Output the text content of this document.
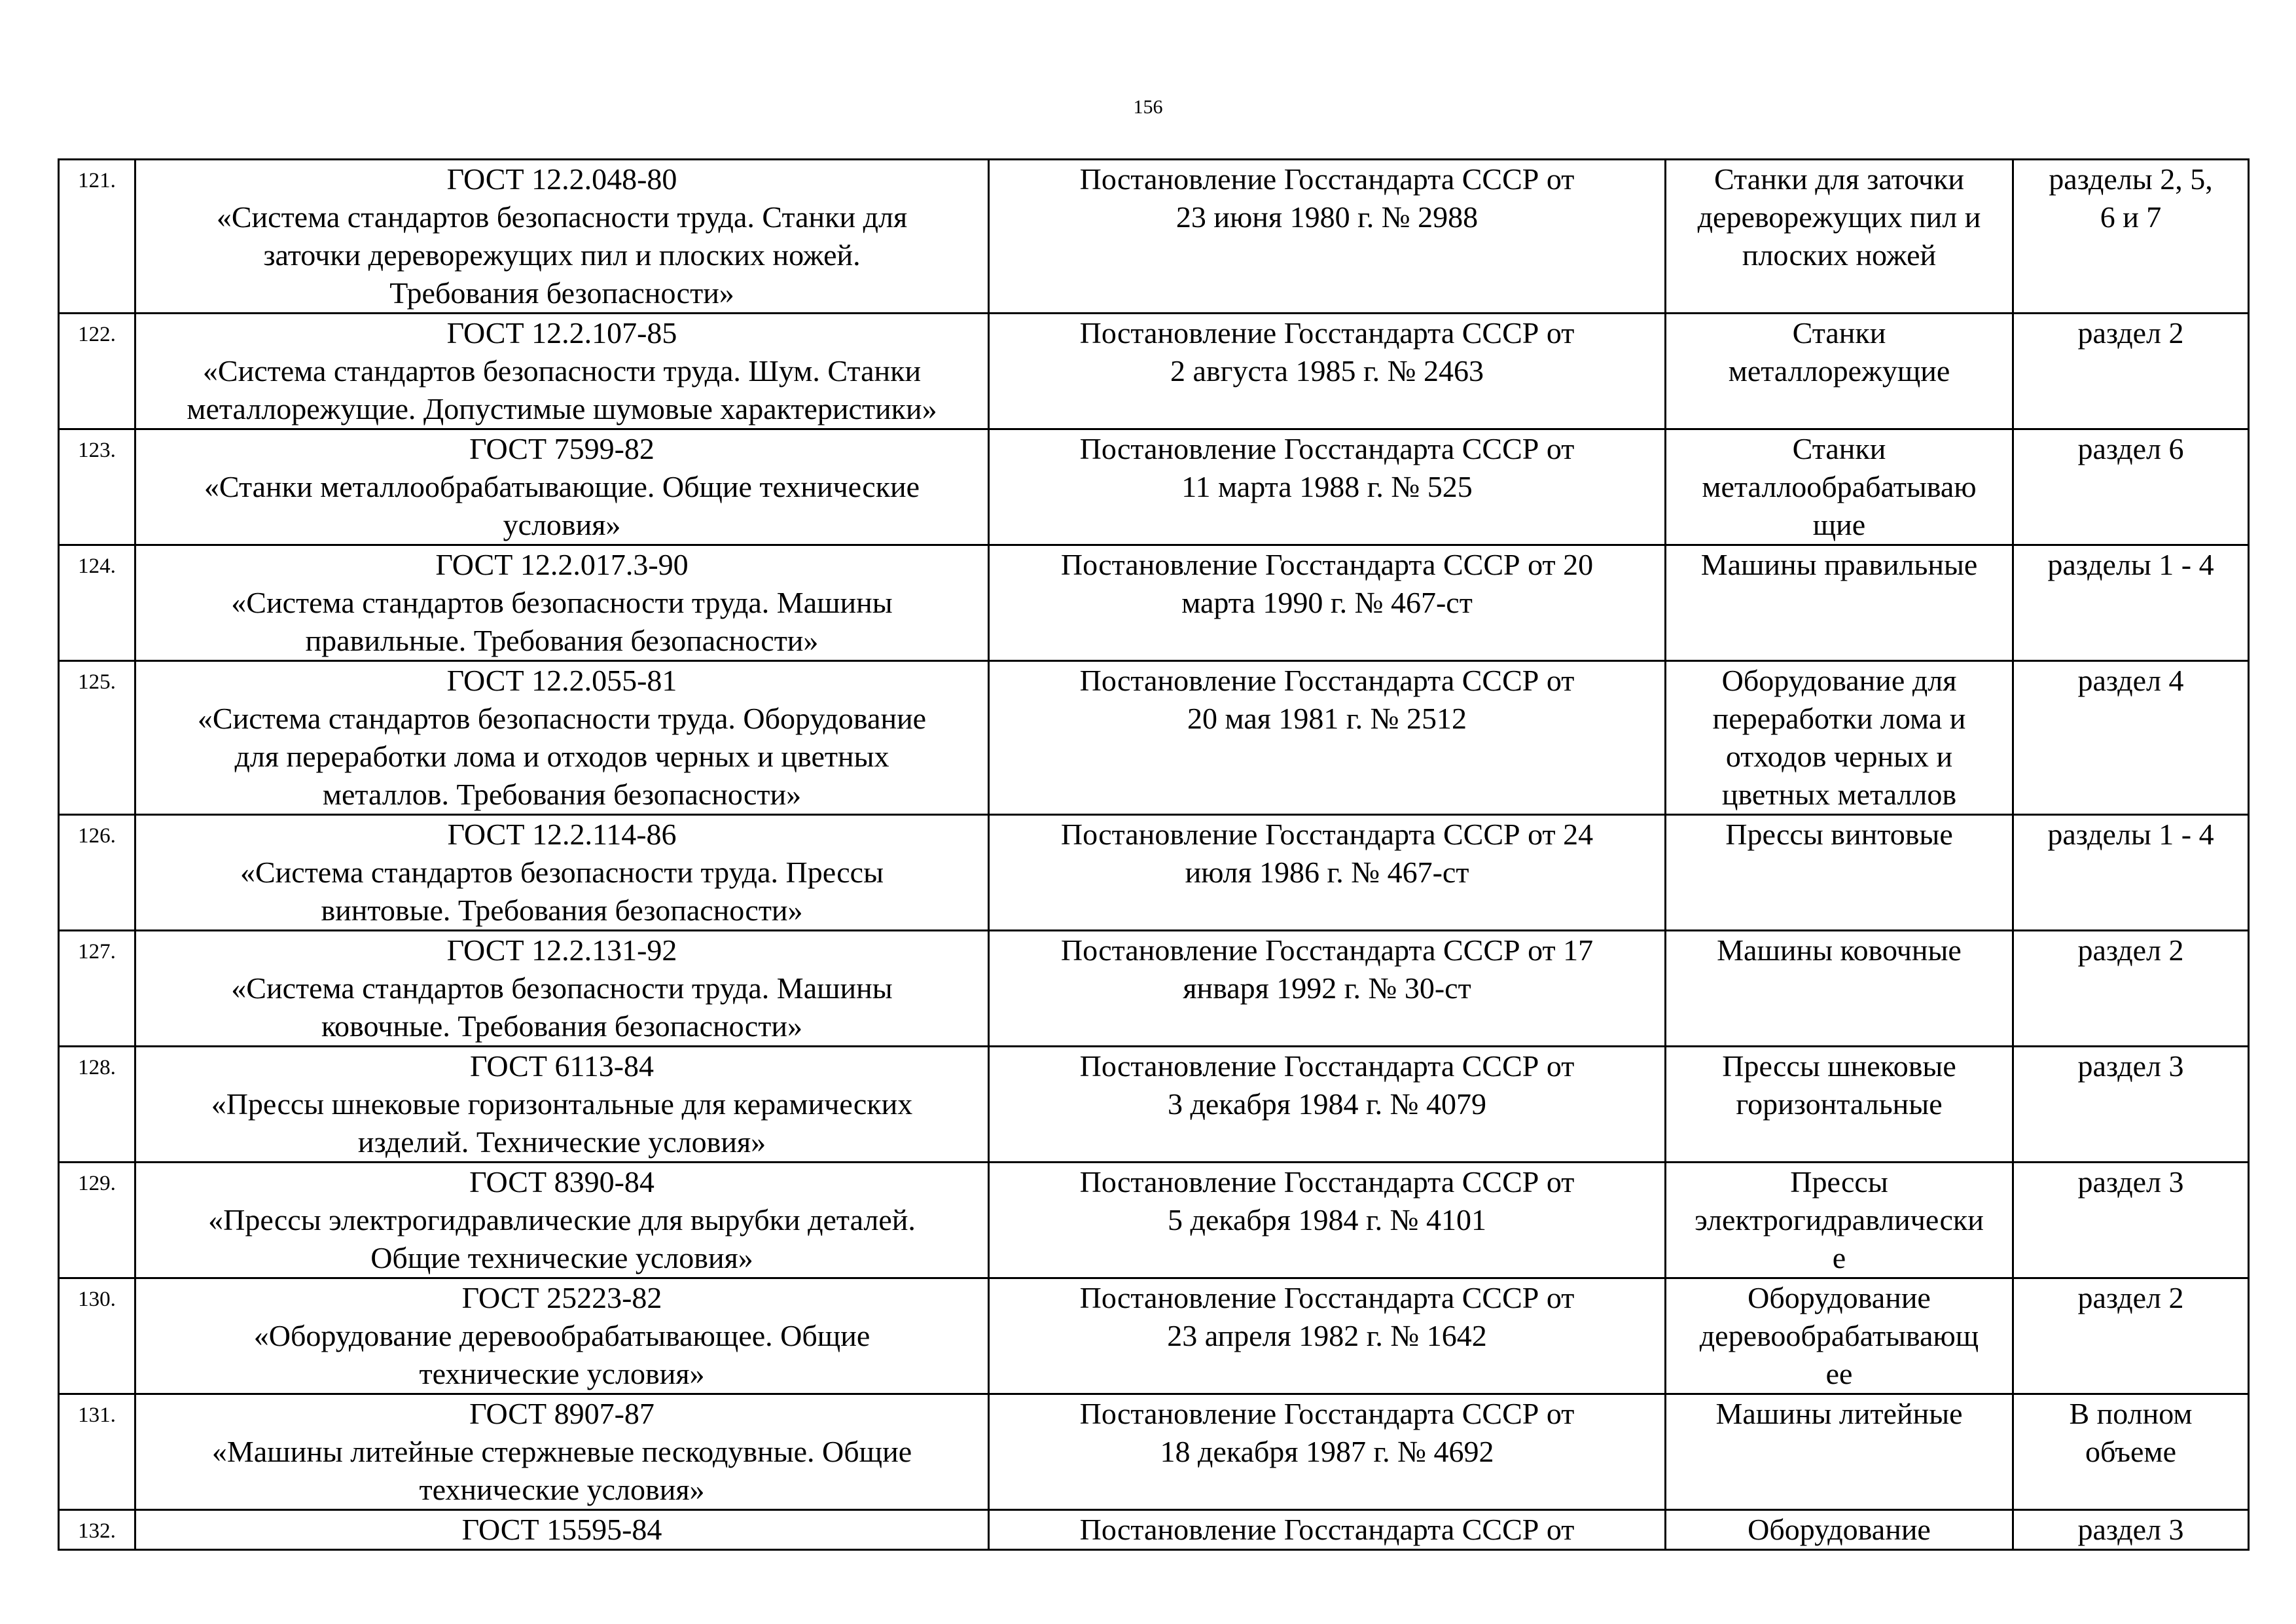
156
121.	ГОСТ 12.2.048-80
«Система стандартов безопасности труда. Станки для
заточки дереворежущих пил и плоских ножей.
Требования безопасности»	Постановление Госстандарта СССР от
23 июня 1980 г. № 2988	Станки для заточки
дереворежущих пил и
плоских ножей	разделы 2, 5,
6 и 7

122.	ГОСТ 12.2.107-85
«Система стандартов безопасности труда. Шум. Станки
металлорежущие. Допустимые шумовые характеристики»	Постановление Госстандарта СССР от
2 августа 1985 г. № 2463	Станки
металлорежущие	раздел 2

123.	ГОСТ 7599-82
«Станки металлообрабатывающие. Общие технические
условия»	Постановление Госстандарта СССР от
11 марта 1988 г. № 525	Станки
металлообрабатываю
щие	раздел 6

124.	ГОСТ 12.2.017.3-90
«Система стандартов безопасности труда. Машины
правильные. Требования безопасности»	Постановление Госстандарта СССР от 20
марта 1990 г. № 467-ст	Машины правильные	разделы 1 - 4

125.	ГОСТ 12.2.055-81
«Система стандартов безопасности труда. Оборудование
для переработки лома и отходов черных и цветных
металлов. Требования безопасности»	Постановление Госстандарта СССР от
20 мая 1981 г. № 2512	Оборудование для
переработки лома и
отходов черных и
цветных металлов	раздел 4

126.	ГОСТ 12.2.114-86
«Система стандартов безопасности труда. Прессы
винтовые. Требования безопасности»	Постановление Госстандарта СССР от 24
июля 1986 г. № 467-ст	Прессы винтовые	разделы 1 - 4

127.	ГОСТ 12.2.131-92
«Система стандартов безопасности труда. Машины
ковочные. Требования безопасности»	Постановление Госстандарта СССР от 17
января 1992 г. № 30-ст	Машины ковочные	раздел 2

128.	ГОСТ 6113-84
«Прессы шнековые горизонтальные для керамических
изделий. Технические условия»	Постановление Госстандарта СССР от
3 декабря 1984 г. № 4079	Прессы шнековые
горизонтальные	раздел 3

129.	ГОСТ 8390-84
«Прессы электрогидравлические для вырубки деталей.
Общие технические условия»	Постановление Госстандарта СССР от
5 декабря 1984 г. № 4101	Прессы
электрогидравлически
е	раздел 3

130.	ГОСТ 25223-82
«Оборудование деревообрабатывающее. Общие
технические условия»	Постановление Госстандарта СССР от
23 апреля 1982 г. № 1642	Оборудование
деревообрабатывающ
ее	раздел 2

131.	ГОСТ 8907-87
«Машины литейные стержневые пескодувные. Общие
технические условия»	Постановление Госстандарта СССР от
18 декабря 1987 г. № 4692	Машины литейные	В полном
объеме

132.	ГОСТ 15595-84	Постановление Госстандарта СССР от	Оборудование	раздел 3
